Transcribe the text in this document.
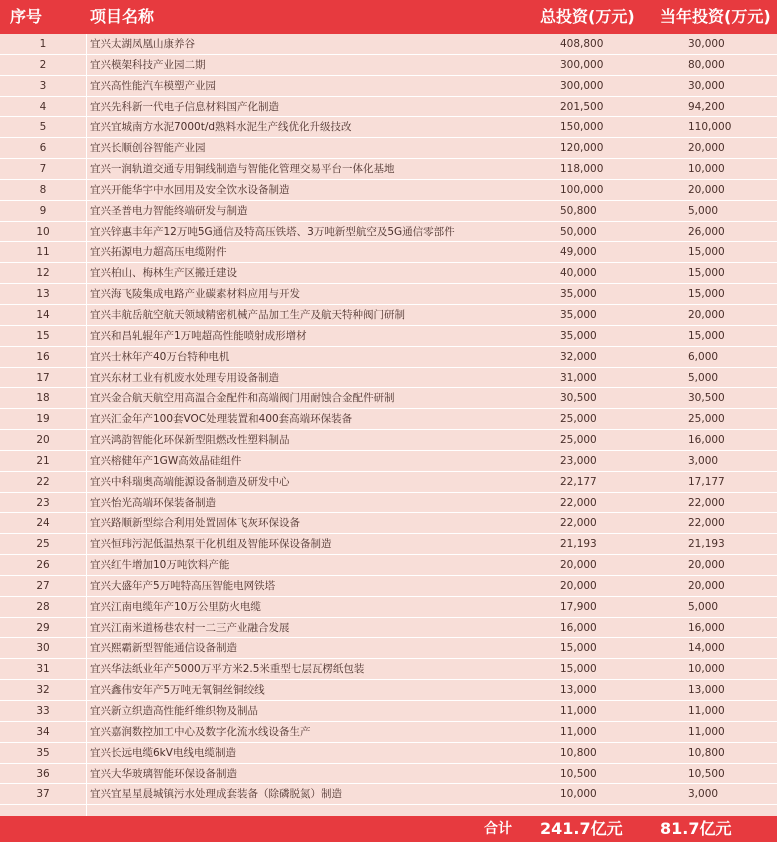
序号	项目名称	总投资(万元) 当年投资(万元)
1	宜兴太湖凤凰山康养谷	408,800	30,000
2	宜兴模架科技产业园二期	300,000	80,000
3	宜兴高性能汽车模塑产业园	300,000	30,000
4	宜兴先科新一代电子信息材料国产化制造	201,500	94,200
5	宜兴宜城南方水泥7000t/d熟料水泥生产线优化升级技改	150,000	110,000
6	宜兴长顺创谷智能产业园	120,000	20,000
7	宜兴一润轨道交通专用铜线制造与智能化管理交易平台一体化基地	118,000	10,000
8	宜兴开能华宇中水回用及安全饮水设备制造	100,000	20,000
9	宜兴圣普电力智能终端研发与制造	50,800	5,000
10	宜兴锌惠丰年产12万吨5G通信及特高压铁塔、3万吨新型航空及5G通信零部件	50,000	26,000
11	宜兴拓源电力超高压电缆附件	49,000	15,000
12	宜兴柏山、梅林生产区搬迁建设	40,000	15,000
13	宜兴海飞陵集成电路产业碳素材料应用与开发	35,000	15,000
14	宜兴丰航岳航空航天领域精密机械产品加工生产及航天特种阀门研制	35,000	20,000
15	宜兴和昌轧辊年产1万吨超高性能喷射成形增材	35,000	15,000
16	宜兴士林年产40万台特种电机	32,000	6,000
17	宜兴东材工业有机废水处理专用设备制造	31,000	5,000
18	宜兴金合航天航空用高温合金配件和高端阀门用耐蚀合金配件研制	30,500	30,500
19	宜兴汇金年产100套VOC处理装置和400套高端环保装备	25,000	25,000
20	宜兴鸿韵智能化环保新型阻燃改性塑料制品	25,000	16,000
21	宜兴榕健年产1GW高效晶硅组件	23,000	3,000
22	宜兴中科瑞奥高端能源设备制造及研发中心	22,177	17,177
23	宜兴怡光高端环保装备制造	22,000	22,000
24	宜兴路顺新型综合利用处置固体飞灰环保设备	22,000	22,000
25	宜兴恒玮污泥低温热泵干化机组及智能环保设备制造	21,193	21,193
26	宜兴红牛增加10万吨饮料产能	20,000	20,000
27	宜兴大盛年产5万吨特高压智能电网铁塔	20,000	20,000
28	宜兴江南电缆年产10万公里防火电缆	17,900	5,000
29	宜兴江南米道杨巷农村一二三产业融合发展	16,000	16,000
30	宜兴熙霸新型智能通信设备制造	15,000	14,000
31	宜兴华法纸业年产5000万平方米2.5米重型七层瓦楞纸包装	15,000	10,000
32	宜兴鑫伟安年产5万吨无氧铜丝铜绞线	13,000	13,000
33	宜兴新立织造高性能纤维织物及制品	11,000	11,000
34	宜兴嘉润数控加工中心及数字化流水线设备生产	11,000	11,000
35	宜兴长远电缆6kV电线电缆制造	10,800	10,800
36	宜兴大华玻璃智能环保设备制造	10,500	10,500
37	宜兴宜星星晨城镇污水处理成套装备（除磷脱氮）制造	10,000	3,000
合计 241.7亿元 81.7亿元
